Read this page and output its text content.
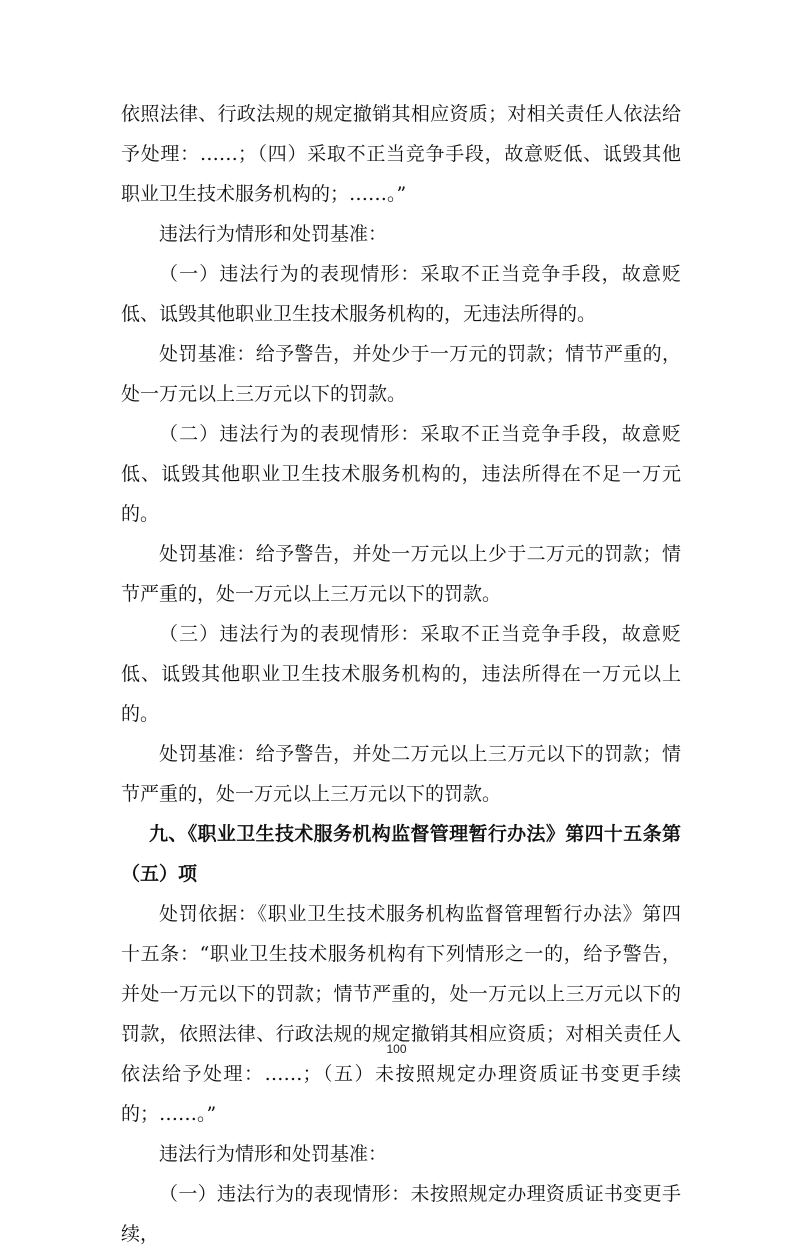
依照法律、行政法规的规定撤销其相应资质；对相关责任人依法给予处理：……；（四）采取不正当竞争手段，故意贬低、诋毁其他职业卫生技术服务机构的；……。”

违法行为情形和处罚基准：

（一）违法行为的表现情形：采取不正当竞争手段，故意贬低、诋毁其他职业卫生技术服务机构的，无违法所得的。

处罚基准：给予警告，并处少于一万元的罚款；情节严重的，处一万元以上三万元以下的罚款。

（二）违法行为的表现情形：采取不正当竞争手段，故意贬低、诋毁其他职业卫生技术服务机构的，违法所得在不足一万元的。

处罚基准：给予警告，并处一万元以上少于二万元的罚款；情节严重的，处一万元以上三万元以下的罚款。

（三）违法行为的表现情形：采取不正当竞争手段，故意贬低、诋毁其他职业卫生技术服务机构的，违法所得在一万元以上的。

处罚基准：给予警告，并处二万元以上三万元以下的罚款；情节严重的，处一万元以上三万元以下的罚款。

九、《职业卫生技术服务机构监督管理暂行办法》第四十五条第（五）项

处罚依据：《职业卫生技术服务机构监督管理暂行办法》第四十五条：“职业卫生技术服务机构有下列情形之一的，给予警告，并处一万元以下的罚款；情节严重的，处一万元以上三万元以下的罚款，依照法律、行政法规的规定撤销其相应资质；对相关责任人依法给予处理：……；（五）未按照规定办理资质证书变更手续的；……。”

违法行为情形和处罚基准：

（一）违法行为的表现情形：未按照规定办理资质证书变更手续，

100
